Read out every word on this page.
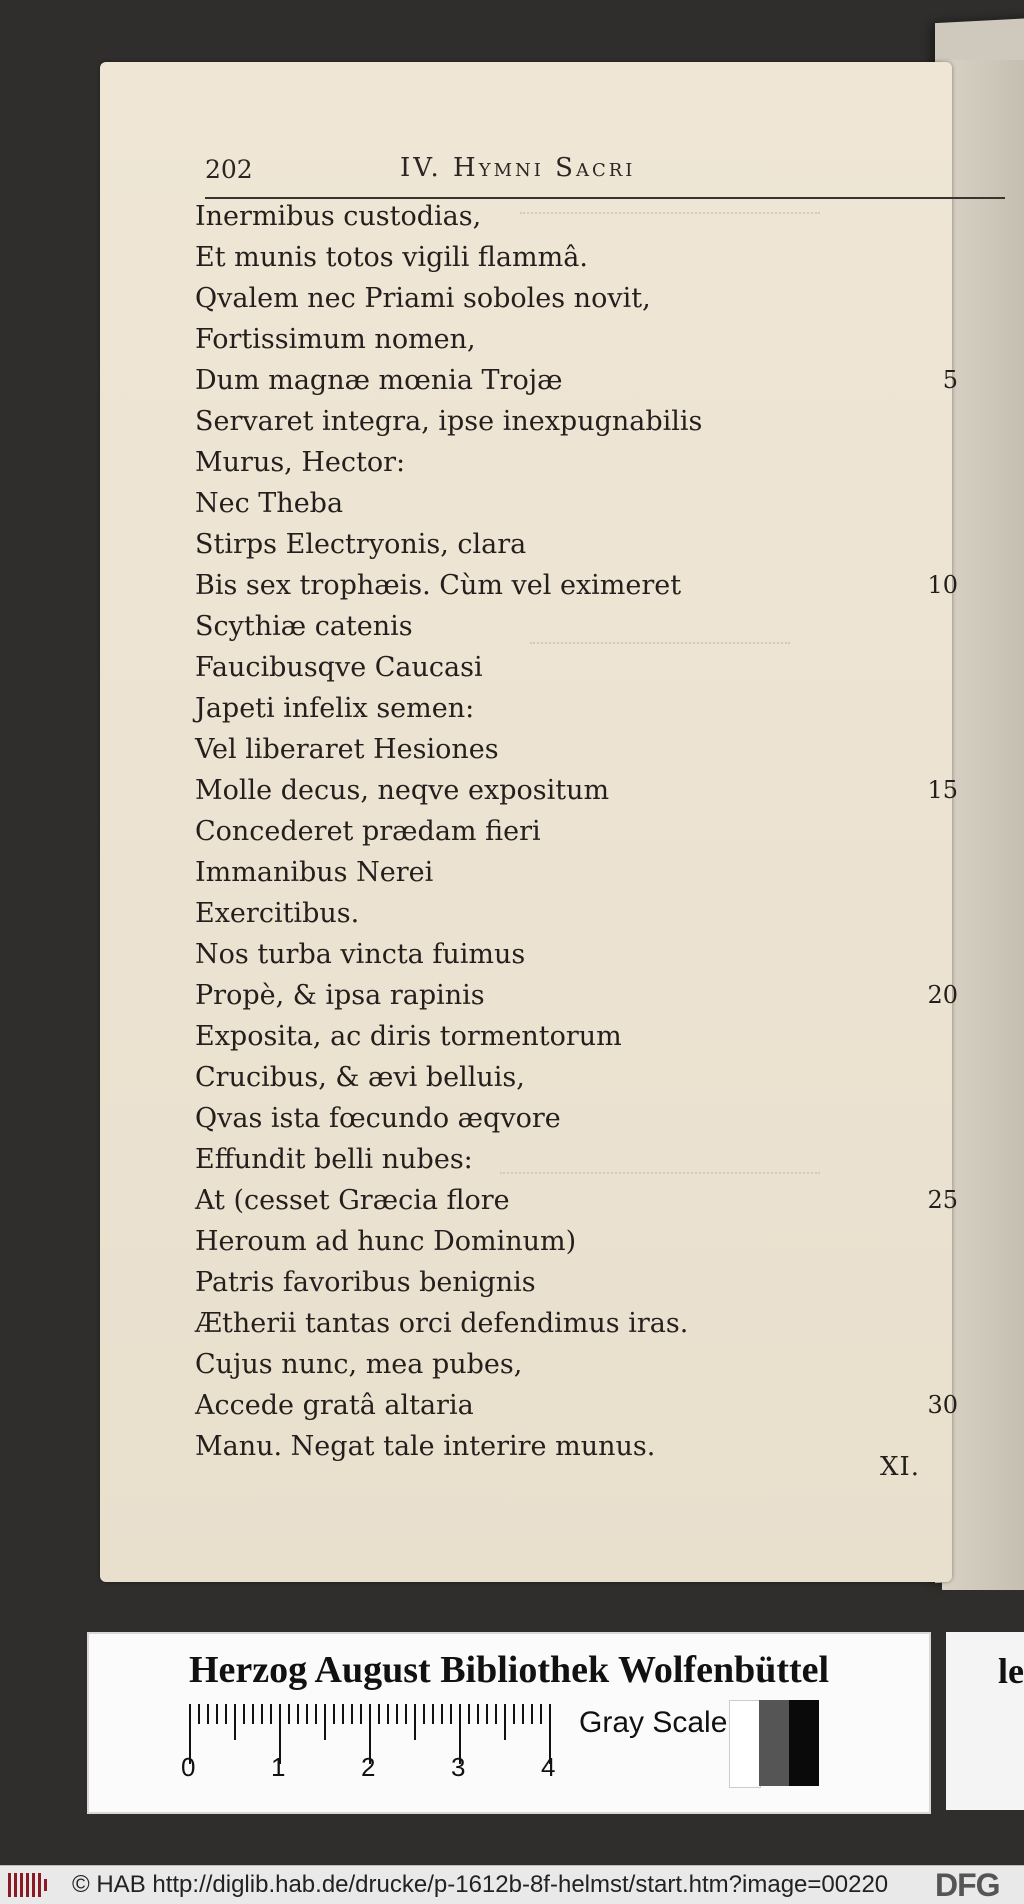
202	IV. Hymni Sacri
Inermibus custodias,
Et munis totos vigili flammâ.
Qvalem nec Priami soboles novit,
Fortissimum nomen,
Dum magnæ mœnia Trojæ
Servaret integra, ipse inexpugnabilis
Murus, Hector:
Nec Theba
Stirps Electryonis, clara
Bis sex trophæis. Cùm vel eximeret
Scythiæ catenis
Faucibusqve Caucasi
Japeti infelix semen:
Vel liberaret Hesiones
Molle decus, neqve expositum
Concederet prædam fieri
Immanibus Nerei
Exercitibus.
Nos turba vincta fuimus
Propè, & ipsa rapinis
Exposita, ac diris tormentorum
Crucibus, & ævi belluis,
Qvas ista fœcundo æqvore
Effundit belli nubes:
At (cesset Græcia flore
Heroum ad hunc Dominum)
Patris favoribus benignis
Ætherii tantas orci defendimus iras.
Cujus nunc, mea pubes,
Accede gratâ altaria
Manu. Negat tale interire munus.
5
10
15
20
25
30
XI.
Herzog August Bibliothek Wolfenbüttel
0	1	2	3	4
Gray Scale
le
© HAB http://diglib.hab.de/drucke/p-1612b-8f-helmst/start.htm?image=00220 DFG
